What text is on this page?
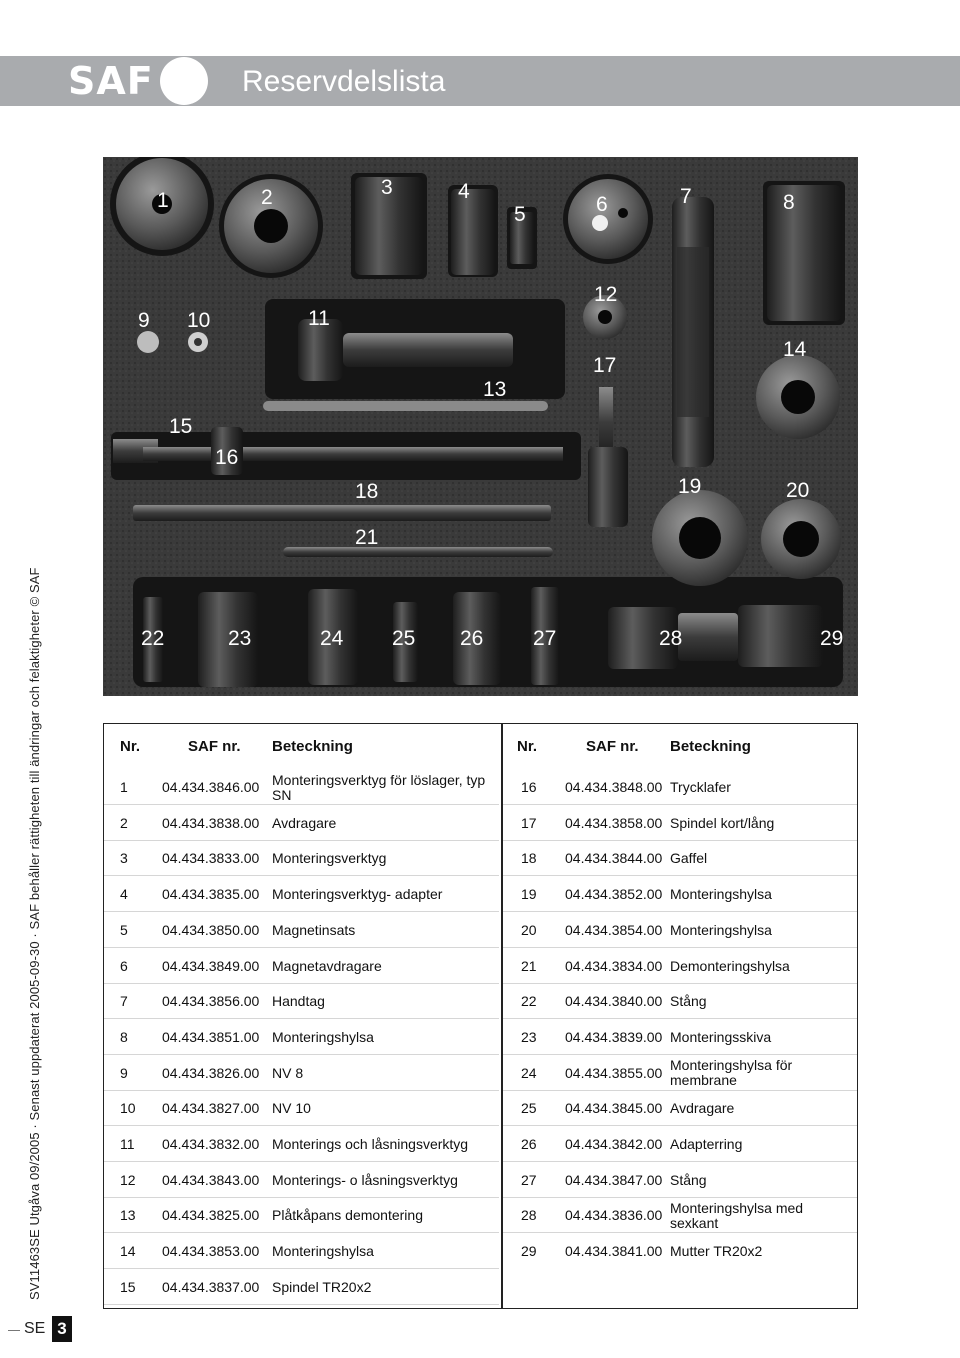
SAF	Reservdelslista
1	2	3	4
5	6	7	8
9 10	11
12
13
14
15
16
17
18	19	20
21
22	23	24 25 26 27	28	29
SV11463SE Utgåva 09/2005 · Senast uppdaterat 2005-09-30 · SAF behåller rättigheten till ändringar och felaktigheter © SAF
SE 3
Nr.	SAF nr. Beteckning
1	04.434.3846.00 Monteringsverktyg för löslager, typ SN
2	04.434.3838.00 Avdragare
3	04.434.3833.00 Monteringsverktyg
4	04.434.3835.00 Monteringsverktyg- adapter
5	04.434.3850.00 Magnetinsats
6	04.434.3849.00 Magnetavdragare
7	04.434.3856.00 Handtag
8	04.434.3851.00 Monteringshylsa
9	04.434.3826.00 NV 8
10	04.434.3827.00 NV 10
11	04.434.3832.00 Monterings och låsningsverktyg
12	04.434.3843.00 Monterings- o låsningsverktyg
13	04.434.3825.00 Plåtkåpans demontering
14	04.434.3853.00 Monteringshylsa
15	04.434.3837.00 Spindel TR20x2
Nr.	SAF nr. Beteckning
16	04.434.3848.00 Trycklafer
17	04.434.3858.00 Spindel kort/lång
18	04.434.3844.00 Gaffel
19	04.434.3852.00 Monteringshylsa
20	04.434.3854.00 Monteringshylsa
21	04.434.3834.00 Demonteringshylsa
22	04.434.3840.00 Stång
23	04.434.3839.00 Monteringsskiva
24	04.434.3855.00 Monteringshylsa för membrane
25	04.434.3845.00 Avdragare
26	04.434.3842.00 Adapterring
27	04.434.3847.00 Stång
28	04.434.3836.00 Monteringshylsa med sexkant
29	04.434.3841.00 Mutter TR20x2
